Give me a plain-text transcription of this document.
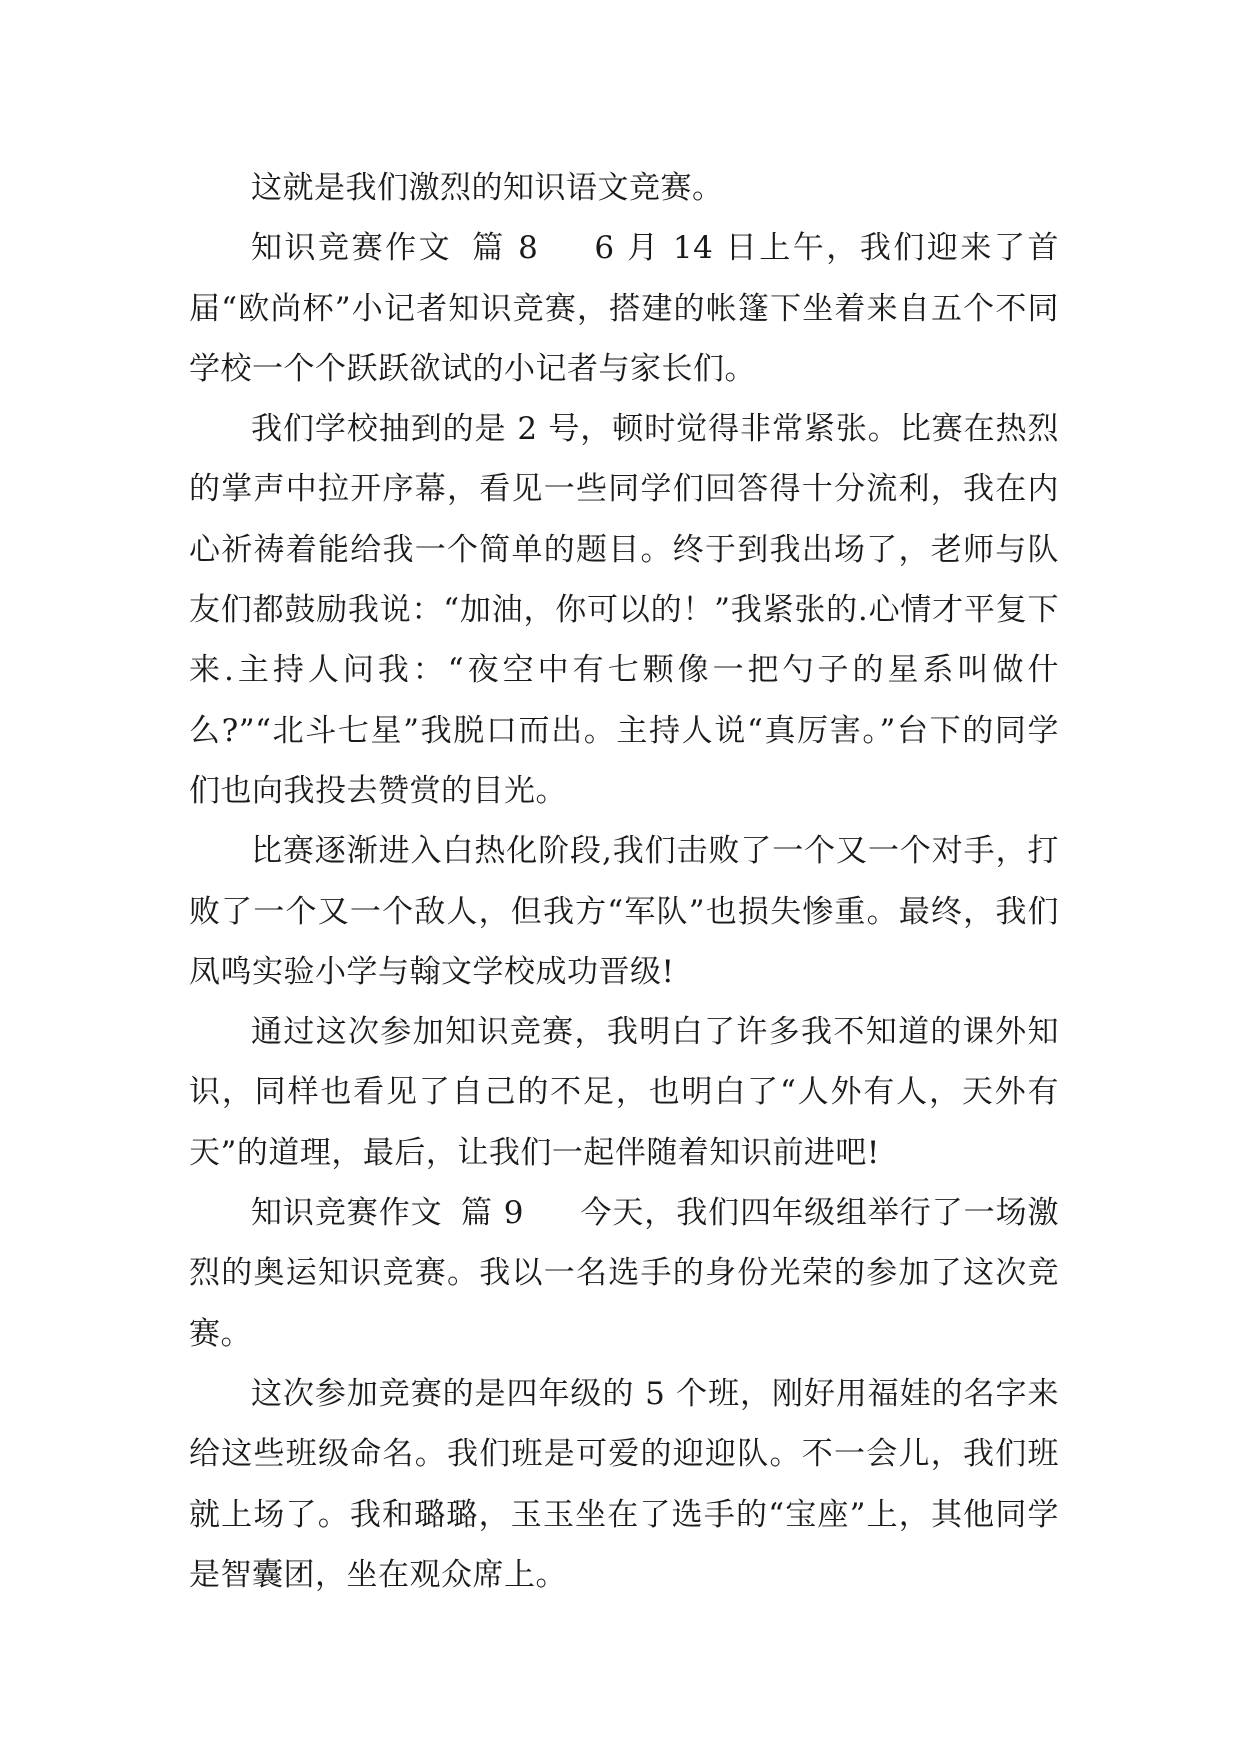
这就是我们激烈的知识语文竞赛。

知识竞赛作文 篇 8 6 月 14 日上午，我们迎来了首届“欧尚杯”小记者知识竞赛，搭建的帐篷下坐着来自五个不同学校一个个跃跃欲试的小记者与家长们。

我们学校抽到的是 2 号，顿时觉得非常紧张。比赛在热烈的掌声中拉开序幕，看见一些同学们回答得十分流利，我在内心祈祷着能给我一个简单的题目。终于到我出场了，老师与队友们都鼓励我说：“加油，你可以的！”我紧张的.心情才平复下来.主持人问我：“夜空中有七颗像一把勺子的星系叫做什么?”“北斗七星”我脱口而出。主持人说“真厉害。”台下的同学们也向我投去赞赏的目光。

比赛逐渐进入白热化阶段,我们击败了一个又一个对手，打败了一个又一个敌人，但我方“军队”也损失惨重。最终，我们凤鸣实验小学与翰文学校成功晋级!

通过这次参加知识竞赛，我明白了许多我不知道的课外知识，同样也看见了自己的不足，也明白了“人外有人，天外有天”的道理，最后，让我们一起伴随着知识前进吧!

知识竞赛作文 篇 9 今天，我们四年级组举行了一场激烈的奥运知识竞赛。我以一名选手的身份光荣的参加了这次竞赛。

这次参加竞赛的是四年级的 5 个班，刚好用福娃的名字来给这些班级命名。我们班是可爱的迎迎队。不一会儿，我们班就上场了。我和璐璐，玉玉坐在了选手的“宝座”上，其他同学是智囊团，坐在观众席上。
